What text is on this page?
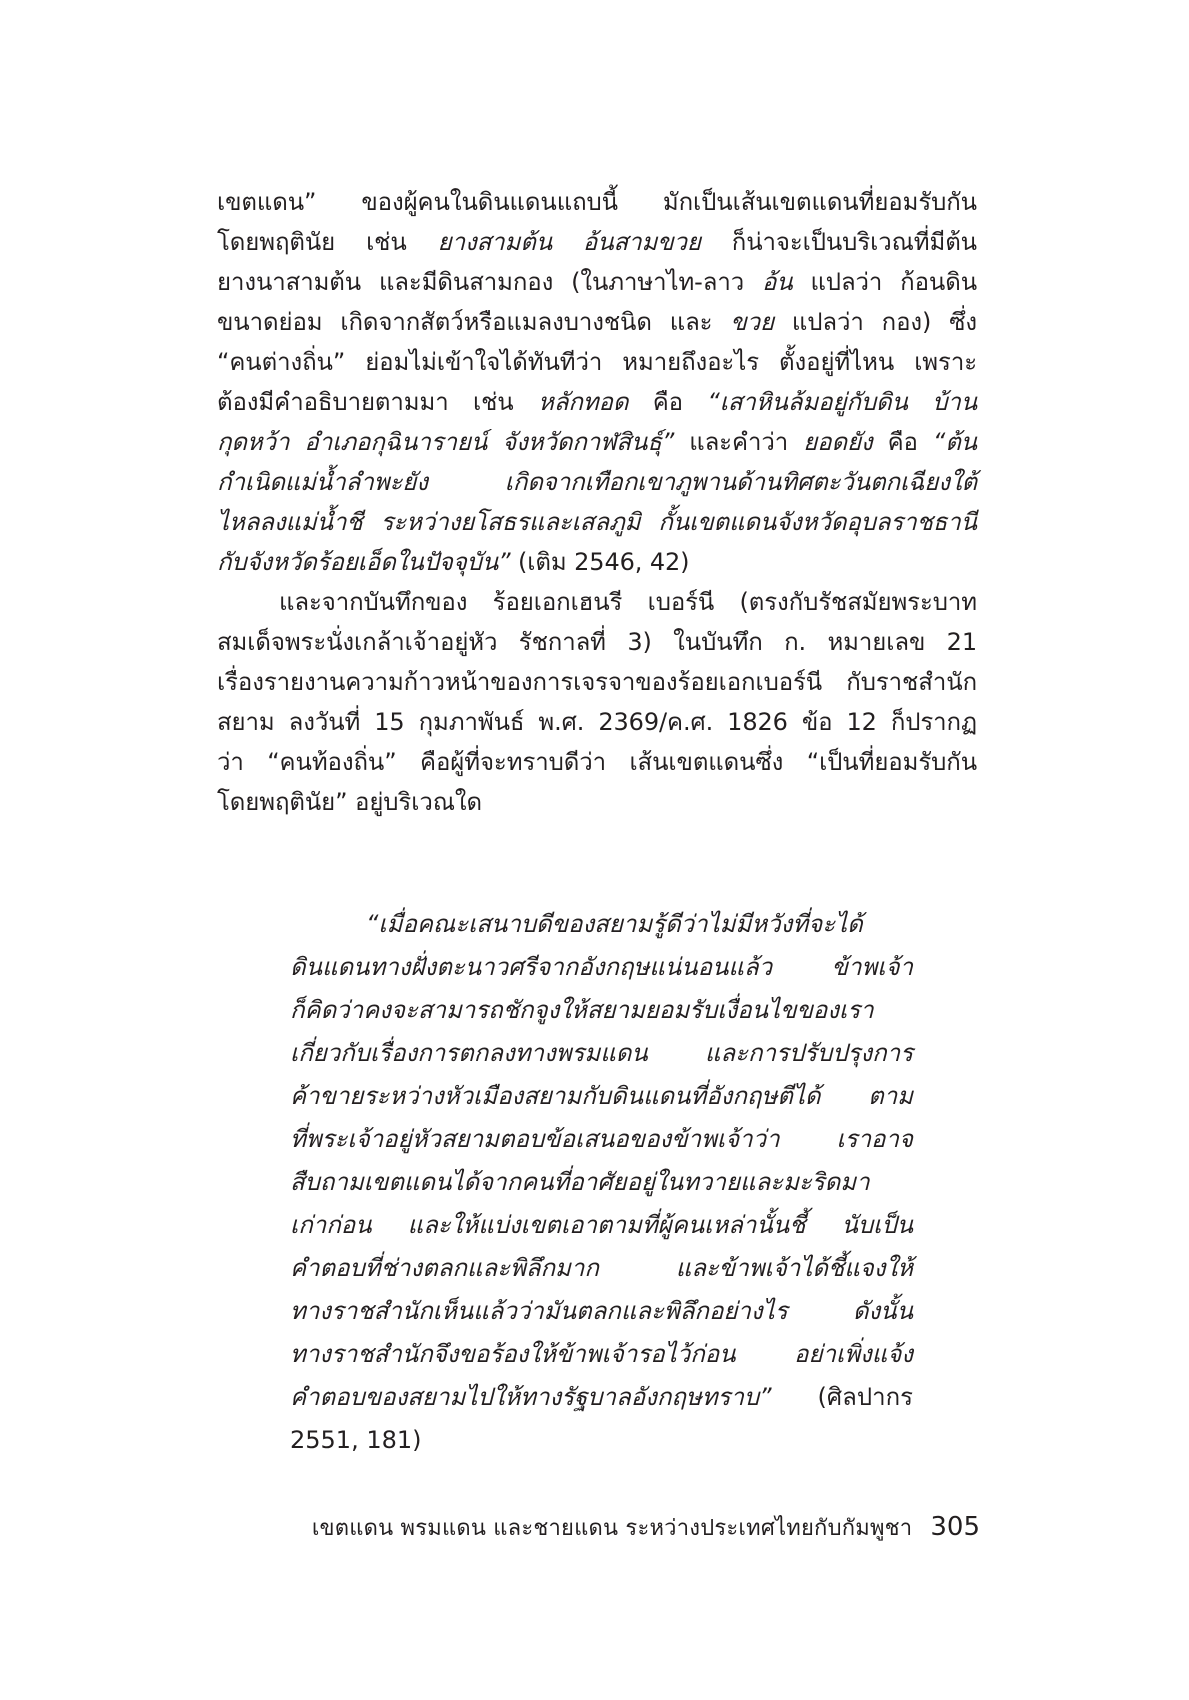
เขตแดน” ของผู้คนในดินแดนแถบนี้ มักเป็นเส้นเขตแดนที่ยอมรับกัน
โดยพฤตินัย เช่น ยางสามต้น อ้นสามขวย ก็น่าจะเป็นบริเวณที่มีต้น
ยางนาสามต้น และมีดินสามกอง (ในภาษาไท-ลาว อ้น แปลว่า ก้อนดิน
ขนาดย่อม เกิดจากสัตว์หรือแมลงบางชนิด และ ขวย แปลว่า กอง) ซึ่ง
“คนต่างถิ่น” ย่อมไม่เข้าใจได้ทันทีว่า หมายถึงอะไร ตั้งอยู่ที่ไหน เพราะ
ต้องมีคำอธิบายตามมา เช่น หลักทอด คือ “เสาหินล้มอยู่กับดิน บ้าน
กุดหว้า อำเภอกุฉินารายน์ จังหวัดกาฬสินธุ์” และคำว่า ยอดยัง คือ “ต้น
กำเนิดแม่น้ำลำพะยัง เกิดจากเทือกเขาภูพานด้านทิศตะวันตกเฉียงใต้
ไหลลงแม่น้ำชี ระหว่างยโสธรและเสลภูมิ กั้นเขตแดนจังหวัดอุบลราชธานี
กับจังหวัดร้อยเอ็ดในปัจจุบัน” (เติม 2546, 42)
และจากบันทึกของ ร้อยเอกเฮนรี เบอร์นี (ตรงกับรัชสมัยพระบาท
สมเด็จพระนั่งเกล้าเจ้าอยู่หัว รัชกาลที่ 3) ในบันทึก ก. หมายเลข 21
เรื่องรายงานความก้าวหน้าของการเจรจาของร้อยเอกเบอร์นี กับราชสำนัก
สยาม ลงวันที่ 15 กุมภาพันธ์ พ.ศ. 2369/ค.ศ. 1826 ข้อ 12 ก็ปรากฏ
ว่า “คนท้องถิ่น” คือผู้ที่จะทราบดีว่า เส้นเขตแดนซึ่ง “เป็นที่ยอมรับกัน
โดยพฤตินัย” อยู่บริเวณใด
“เมื่อคณะเสนาบดีของสยามรู้ดีว่าไม่มีหวังที่จะได้
ดินแดนทางฝั่งตะนาวศรีจากอังกฤษแน่นอนแล้ว ข้าพเจ้า
ก็คิดว่าคงจะสามารถชักจูงให้สยามยอมรับเงื่อนไขของเรา
เกี่ยวกับเรื่องการตกลงทางพรมแดน และการปรับปรุงการ
ค้าขายระหว่างหัวเมืองสยามกับดินแดนที่อังกฤษตีได้ ตาม
ที่พระเจ้าอยู่หัวสยามตอบข้อเสนอของข้าพเจ้าว่า เราอาจ
สืบถามเขตแดนได้จากคนที่อาศัยอยู่ในทวายและมะริดมา
เก่าก่อน และให้แบ่งเขตเอาตามที่ผู้คนเหล่านั้นชี้ นับเป็น
คำตอบที่ช่างตลกและพิลึกมาก และข้าพเจ้าได้ชี้แจงให้
ทางราชสำนักเห็นแล้วว่ามันตลกและพิลึกอย่างไร ดังนั้น
ทางราชสำนักจึงขอร้องให้ข้าพเจ้ารอไว้ก่อน อย่าเพิ่งแจ้ง
คำตอบของสยามไปให้ทางรัฐบาลอังกฤษทราบ” (ศิลปากร
2551, 181)
เขตแดน พรมแดน และชายแดน ระหว่างประเทศไทยกับกัมพูชา 305
